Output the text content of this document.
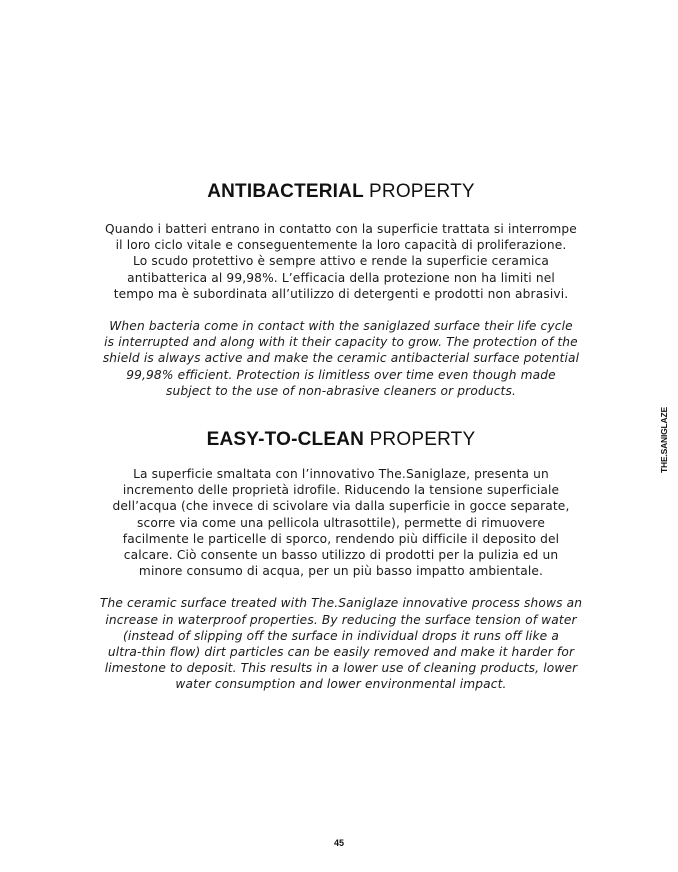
ANTIBACTERIAL PROPERTY
Quando i batteri entrano in contatto con la superficie trattata si interrompe
il loro ciclo vitale e conseguentemente la loro capacità di proliferazione.
Lo scudo protettivo è sempre attivo e rende la superficie ceramica
antibatterica al 99,98%. L’efficacia della protezione non ha limiti nel
tempo ma è subordinata all’utilizzo di detergenti e prodotti non abrasivi.
When bacteria come in contact with the saniglazed surface their life cycle
is interrupted and along with it their capacity to grow. The protection of the
shield is always active and make the ceramic antibacterial surface potential
99,98% efficient. Protection is limitless over time even though made
subject to the use of non-abrasive cleaners or products.
EASY-TO-CLEAN PROPERTY
La superficie smaltata con l’innovativo The.Saniglaze, presenta un
incremento delle proprietà idrofile. Riducendo la tensione superficiale
dell’acqua (che invece di scivolare via dalla superficie in gocce separate,
scorre via come una pellicola ultrasottile), permette di rimuovere
facilmente le particelle di sporco, rendendo più difficile il deposito del
calcare. Ciò consente un basso utilizzo di prodotti per la pulizia ed un
minore consumo di acqua, per un più basso impatto ambientale.
The ceramic surface treated with The.Saniglaze innovative process shows an
increase in waterproof properties. By reducing the surface tension of water
(instead of slipping off the surface in individual drops it runs off like a
ultra-thin flow) dirt particles can be easily removed and make it harder for
limestone to deposit. This results in a lower use of cleaning products, lower
water consumption and lower environmental impact.
THE.SANIGLAZE
45
